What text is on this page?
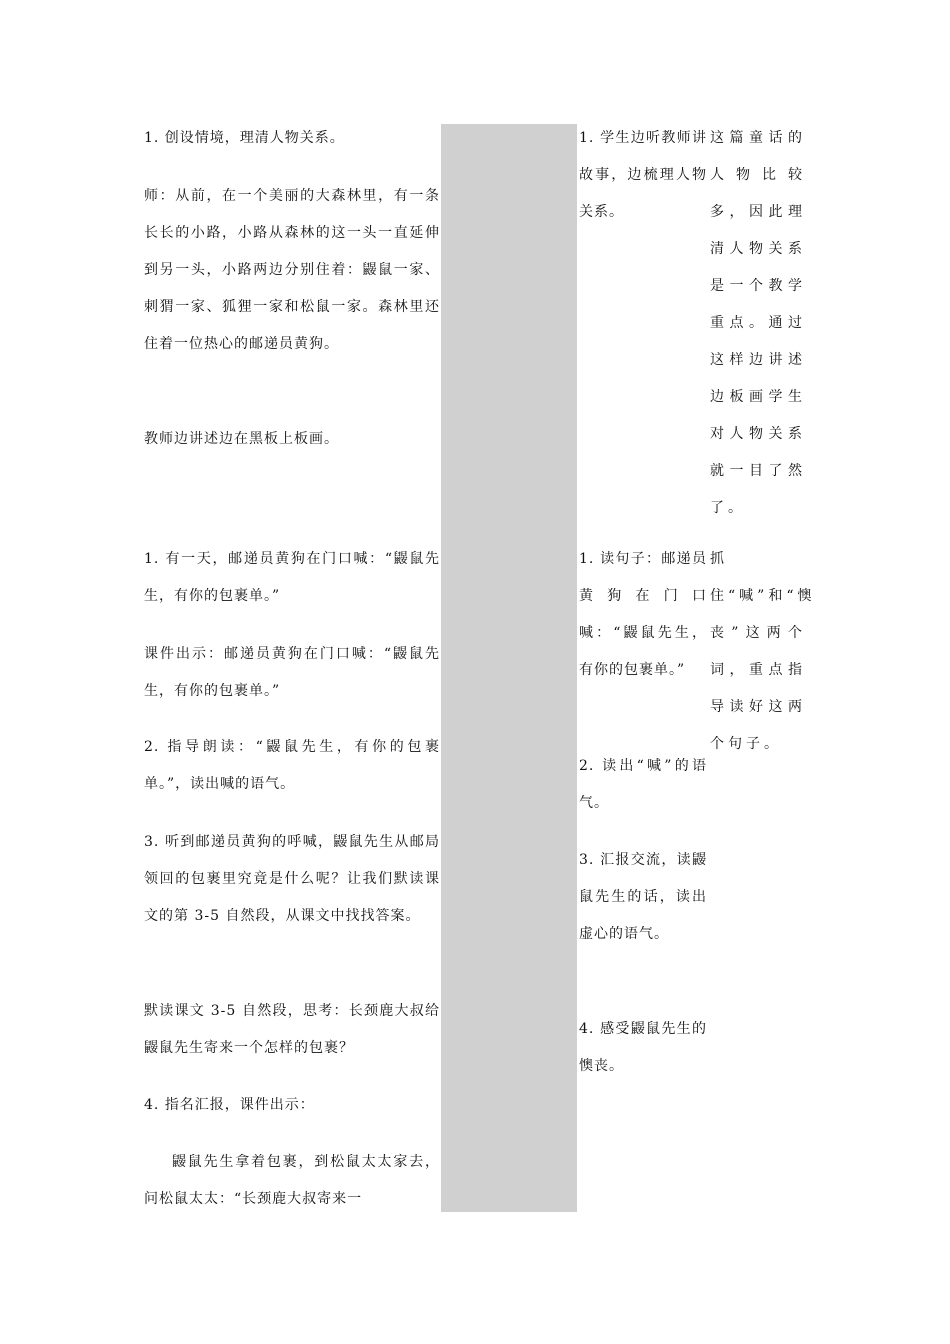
1. 创设情境，理清人物关系。

师：从前，在一个美丽的大森林里，有一条长长的小路，小路从森林的这一头一直延伸到另一头，小路两边分别住着：鼹鼠一家、刺猬一家、狐狸一家和松鼠一家。森林里还住着一位热心的邮递员黄狗。

教师边讲述边在黑板上板画。

1. 有一天，邮递员黄狗在门口喊：“鼹鼠先生，有你的包裹单。”

课件出示：邮递员黄狗在门口喊：“鼹鼠先生，有你的包裹单。”

2. 指导朗读：“鼹鼠先生，有你的包裹单。”，读出喊的语气。

3. 听到邮递员黄狗的呼喊，鼹鼠先生从邮局领回的包裹里究竟是什么呢？让我们默读课文的第 3-5 自然段，从课文中找找答案。

默读课文 3-5 自然段，思考：长颈鹿大叔给鼹鼠先生寄来一个怎样的包裹？

4. 指名汇报，课件出示：

鼹鼠先生拿着包裹，到松鼠太太家去，问松鼠太太：“长颈鹿大叔寄来一

1. 学生边听教师讲故事，边梳理人物关系。

1. 读句子：邮递员黄狗在门口喊：“鼹鼠先生，有你的包裹单。”

2. 读出“喊”的语气。

3. 汇报交流，读鼹鼠先生的话，读出虚心的语气。

4. 感受鼹鼠先生的懊丧。

这篇童话的人物比较多，因此理清人物关系是一个教学重点。通过这样边讲述边板画学生对人物关系就一目了然了。

抓住“喊”和“懊丧”这两个词，重点指导读好这两个句子。
